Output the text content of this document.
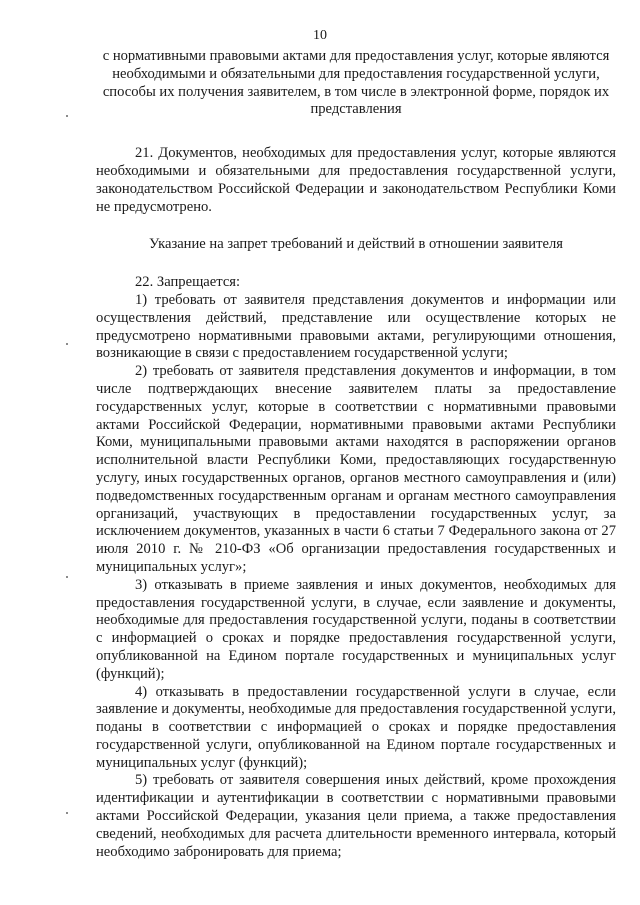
10

с нормативными правовыми актами для предоставления услуг, которые являются необходимыми и обязательными для предоставления государственной услуги, способы их получения заявителем, в том числе в электронной форме, порядок их представления

21. Документов, необходимых для предоставления услуг, которые являются необходимыми и обязательными для предоставления государственной услуги, законодательством Российской Федерации и законодательством Республики Коми не предусмотрено.

Указание на запрет требований и действий в отношении заявителя

22. Запрещается:

1) требовать от заявителя представления документов и информации или осуществления действий, представление или осуществление которых не предусмотрено нормативными правовыми актами, регулирующими отношения, возникающие в связи с предоставлением государственной услуги;

2) требовать от заявителя представления документов и информации, в том числе подтверждающих внесение заявителем платы за предоставление государственных услуг, которые в соответствии с нормативными правовыми актами Российской Федерации, нормативными правовыми актами Республики Коми, муниципальными правовыми актами находятся в распоряжении органов исполнительной власти Республики Коми, предоставляющих государственную услугу, иных государственных органов, органов местного самоуправления и (или) подведомственных государственным органам и органам местного самоуправления организаций, участвующих в предоставлении государственных услуг, за исключением документов, указанных в части 6 статьи 7 Федерального закона от 27 июля 2010 г. № 210-ФЗ «Об организации предоставления государственных и муниципальных услуг»;

3) отказывать в приеме заявления и иных документов, необходимых для предоставления государственной услуги, в случае, если заявление и документы, необходимые для предоставления государственной услуги, поданы в соответствии с информацией о сроках и порядке предоставления государственной услуги, опубликованной на Едином портале государственных и муниципальных услуг (функций);

4) отказывать в предоставлении государственной услуги в случае, если заявление и документы, необходимые для предоставления государственной услуги, поданы в соответствии с информацией о сроках и порядке предоставления государственной услуги, опубликованной на Едином портале государственных и муниципальных услуг (функций);

5) требовать от заявителя совершения иных действий, кроме прохождения идентификации и аутентификации в соответствии с нормативными правовыми актами Российской Федерации, указания цели приема, а также предоставления сведений, необходимых для расчета длительности временного интервала, который необходимо забронировать для приема;
